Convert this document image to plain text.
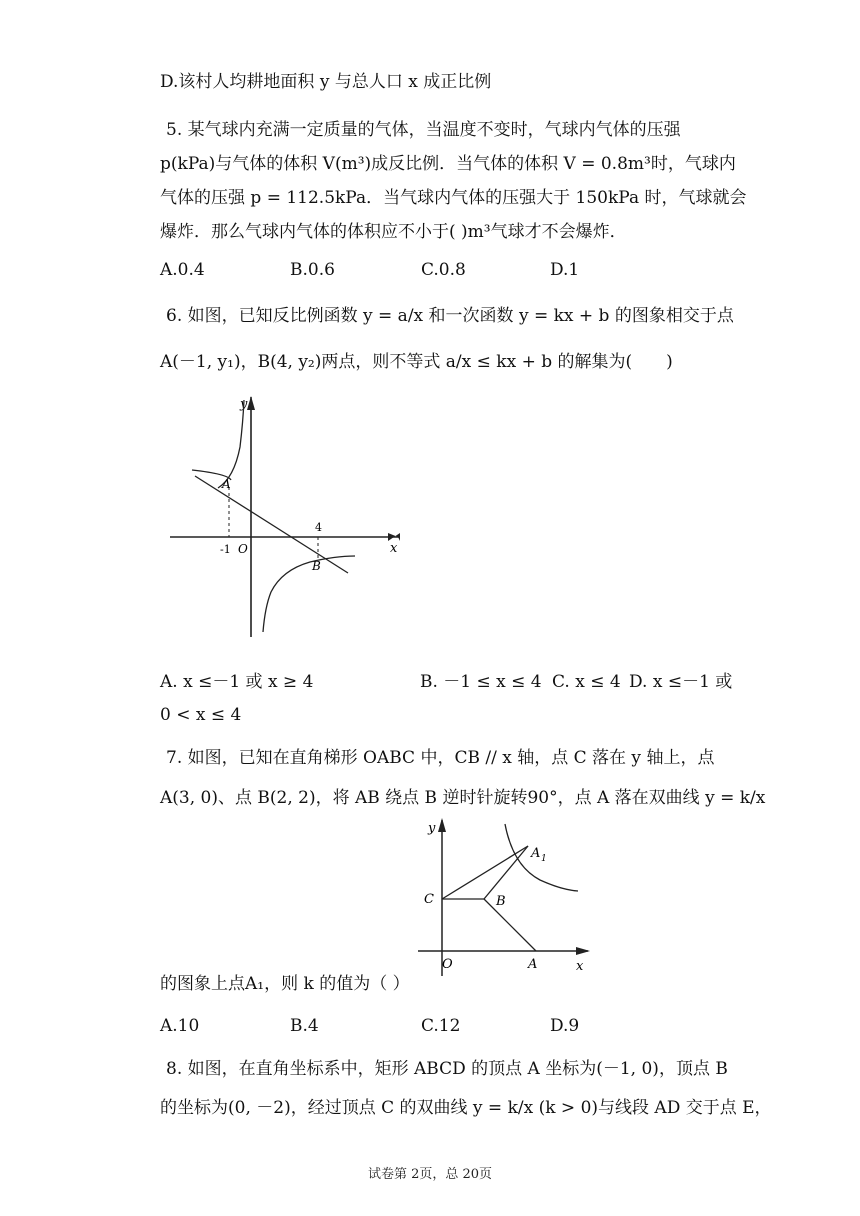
D.该村人均耕地面积 y 与总人口 x 成正比例
5. 某气球内充满一定质量的气体，当温度不变时，气球内气体的压强
p(kPa)与气体的体积 V(m³)成反比例．当气体的体积 V = 0.8m³时，气球内
气体的压强 p = 112.5kPa．当气球内气体的压强大于 150kPa 时，气球就会
爆炸．那么气球内气体的体积应不小于( )m³气球才不会爆炸．
A.0.4	B.0.6	C.0.8	D.1
6. 如图，已知反比例函数 y = a/x 和一次函数 y = kx + b 的图象相交于点
A(－1, y₁)，B(4, y₂)两点，则不等式 a/x ≤ kx + b 的解集为(　　)
y
x
A
B
O
-1
4
A. x ≤－1 或 x ≥ 4	B. －1 ≤ x ≤ 4 C. x ≤ 4 D. x ≤－1 或
0 < x ≤ 4
7. 如图，已知在直角梯形 OABC 中，CB // x 轴，点 C 落在 y 轴上，点
A(3, 0)、点 B(2, 2)，将 AB 绕点 B 逆时针旋转90°，点 A 落在双曲线 y = k/x
y
x
C	B
O	A
A 1
的图象上点A₁，则 k 的值为（ ）
A.10	B.4	C.12	D.9
8. 如图，在直角坐标系中，矩形 ABCD 的顶点 A 坐标为(－1, 0)，顶点 B
的坐标为(0, －2)，经过顶点 C 的双曲线 y = k/x (k > 0)与线段 AD 交于点 E，
试卷第 2页，总 20页
